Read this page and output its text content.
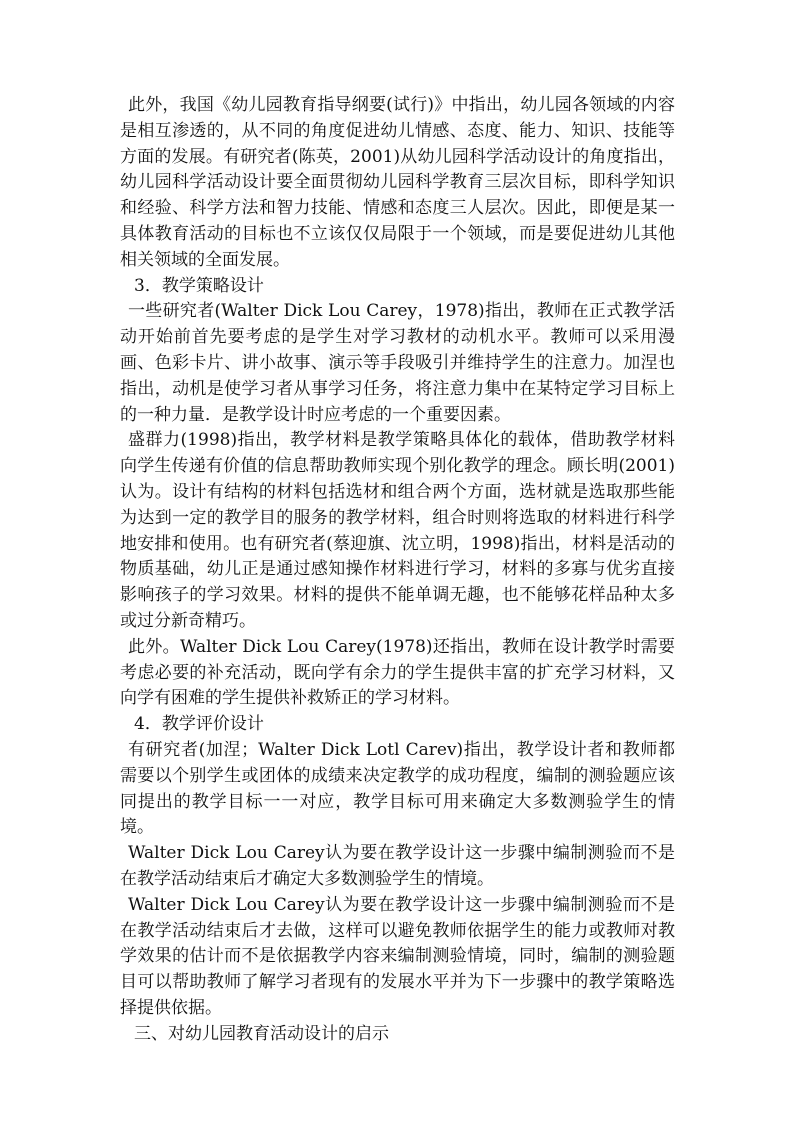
此外，我国《幼儿园教育指导纲要(试行)》中指出，幼儿园各领域的内容是相互渗透的，从不同的角度促进幼儿情感、态度、能力、知识、技能等方面的发展。有研究者(陈英，2001)从幼儿园科学活动设计的角度指出，幼儿园科学活动设计要全面贯彻幼儿园科学教育三层次目标，即科学知识和经验、科学方法和智力技能、情感和态度三人层次。因此，即便是某一具体教育活动的目标也不立该仅仅局限于一个领域，而是要促进幼儿其他相关领域的全面发展。

3．教学策略设计

一些研究者(Walter Dick Lou Carey，1978)指出，教师在正式教学活动开始前首先要考虑的是学生对学习教材的动机水平。教师可以采用漫画、色彩卡片、讲小故事、演示等手段吸引并维持学生的注意力。加涅也指出，动机是使学习者从事学习任务，将注意力集中在某特定学习目标上的一种力量．是教学设计时应考虑的一个重要因素。

盛群力(1998)指出，教学材料是教学策略具体化的载体，借助教学材料向学生传递有价值的信息帮助教师实现个别化教学的理念。顾长明(2001)认为。设计有结构的材料包括选材和组合两个方面，选材就是选取那些能为达到一定的教学目的服务的教学材料，组合时则将选取的材料进行科学地安排和使用。也有研究者(蔡迎旗、沈立明，1998)指出，材料是活动的物质基础，幼儿正是通过感知操作材料进行学习，材料的多寡与优劣直接影响孩子的学习效果。材料的提供不能单调无趣，也不能够花样品种太多或过分新奇精巧。

此外。Walter Dick Lou Carey(1978)还指出，教师在设计教学时需要考虑必要的补充活动，既向学有余力的学生提供丰富的扩充学习材料，又向学有困难的学生提供补救矫正的学习材料。

4．教学评价设计

有研究者(加涅；Walter Dick Lotl Carev)指出，教学设计者和教师都需要以个别学生或团体的成绩来决定教学的成功程度，编制的测验题应该同提出的教学目标一一对应，教学目标可用来确定大多数测验学生的情境。

Walter Dick Lou Carey认为要在教学设计这一步骤中编制测验而不是在教学活动结束后才确定大多数测验学生的情境。

Walter Dick Lou Carey认为要在教学设计这一步骤中编制测验而不是在教学活动结束后才去做，这样可以避免教师依据学生的能力或教师对教学效果的估计而不是依据教学内容来编制测验情境，同时，编制的测验题目可以帮助教师了解学习者现有的发展水平并为下一步骤中的教学策略选择提供依据。

三、对幼儿园教育活动设计的启示
